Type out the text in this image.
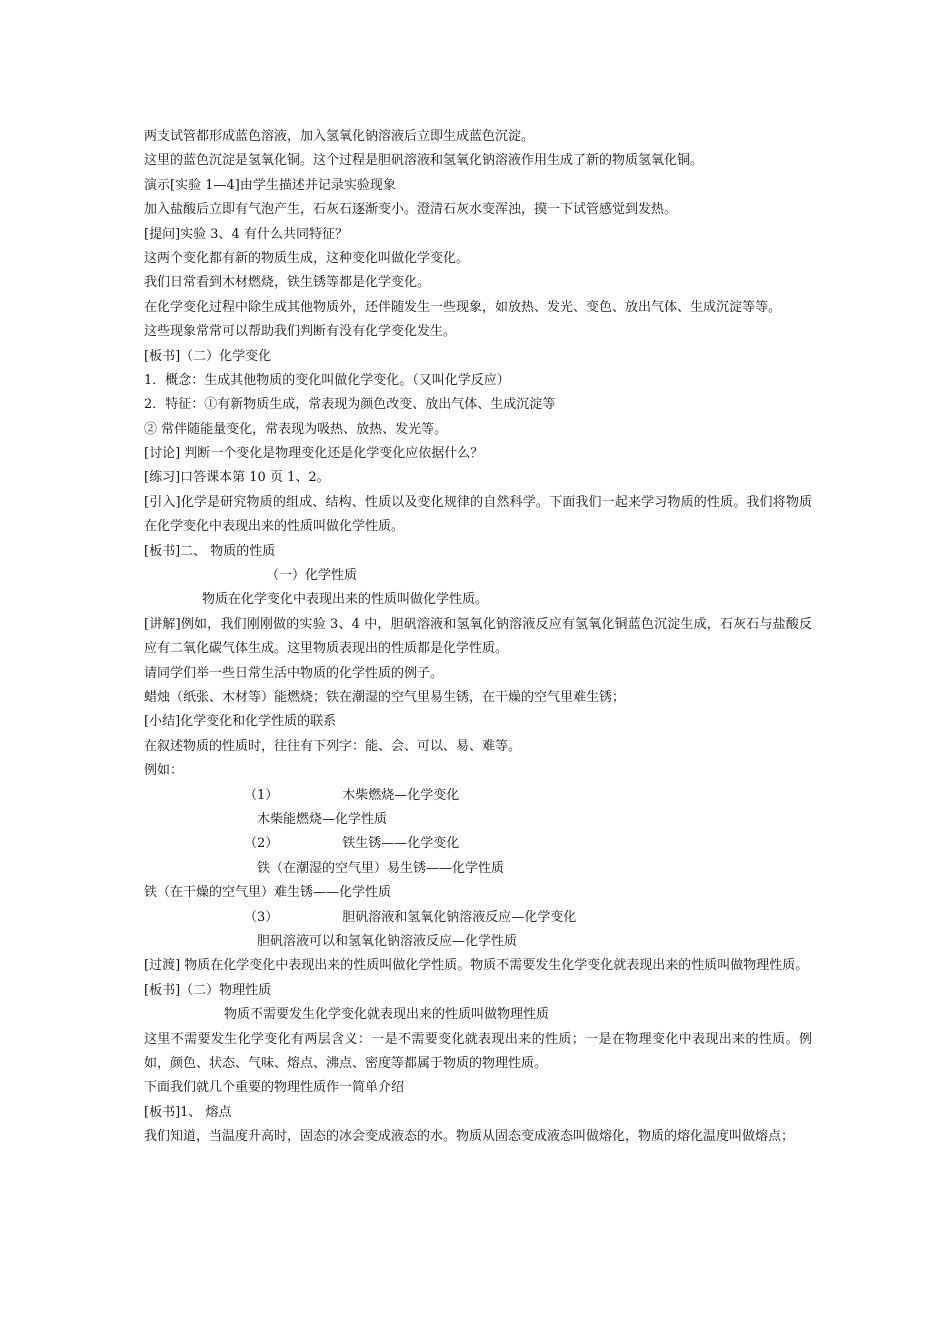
两支试管都形成蓝色溶液，加入氢氧化钠溶液后立即生成蓝色沉淀。
这里的蓝色沉淀是氢氧化铜。这个过程是胆矾溶液和氢氧化钠溶液作用生成了新的物质氢氧化铜。
演示[实验 1—4]由学生描述并记录实验现象
加入盐酸后立即有气泡产生，石灰石逐渐变小。澄清石灰水变浑浊，摸一下试管感觉到发热。
[提问]实验 3、4 有什么共同特征？
这两个变化都有新的物质生成，这种变化叫做化学变化。
我们日常看到木材燃烧，铁生锈等都是化学变化。
在化学变化过程中除生成其他物质外，还伴随发生一些现象，如放热、发光、变色、放出气体、生成沉淀等等。
这些现象常常可以帮助我们判断有没有化学变化发生。
[板书]（二）化学变化
1．概念：生成其他物质的变化叫做化学变化。（又叫化学反应）
2．特征：①有新物质生成，常表现为颜色改变、放出气体、生成沉淀等
② 常伴随能量变化，常表现为吸热、放热、发光等。
[讨论] 判断一个变化是物理变化还是化学变化应依据什么？
[练习]口答课本第 10 页 1、2。
[引入]化学是研究物质的组成、结构、性质以及变化规律的自然科学。下面我们一起来学习物质的性质。我们将物质在化学变化中表现出来的性质叫做化学性质。
[板书]二、 物质的性质
（一）化学性质
物质在化学变化中表现出来的性质叫做化学性质。
[讲解]例如，我们刚刚做的实验 3、4 中，胆矾溶液和氢氧化钠溶液反应有氢氧化铜蓝色沉淀生成，石灰石与盐酸反应有二氧化碳气体生成。这里物质表现出的性质都是化学性质。
请同学们举一些日常生活中物质的化学性质的例子。
蜡烛（纸张、木材等）能燃烧；铁在潮湿的空气里易生锈，在干燥的空气里难生锈；
[小结]化学变化和化学性质的联系
在叙述物质的性质时，往往有下列字：能、会、可以、易、难等。
例如：
（1）	木柴燃烧—化学变化
木柴能燃烧—化学性质
（2）	铁生锈——化学变化
铁（在潮湿的空气里）易生锈——化学性质
铁（在干燥的空气里）难生锈——化学性质
（3）	胆矾溶液和氢氧化钠溶液反应—化学变化
胆矾溶液可以和氢氧化钠溶液反应—化学性质
[过渡] 物质在化学变化中表现出来的性质叫做化学性质。物质不需要发生化学变化就表现出来的性质叫做物理性质。
[板书]（二）物理性质
物质不需要发生化学变化就表现出来的性质叫做物理性质
这里不需要发生化学变化有两层含义：一是不需要变化就表现出来的性质；一是在物理变化中表现出来的性质。例如，颜色、状态、气味、熔点、沸点、密度等都属于物质的物理性质。
下面我们就几个重要的物理性质作一简单介绍
[板书]1、 熔点
我们知道，当温度升高时，固态的冰会变成液态的水。物质从固态变成液态叫做熔化，物质的熔化温度叫做熔点；
